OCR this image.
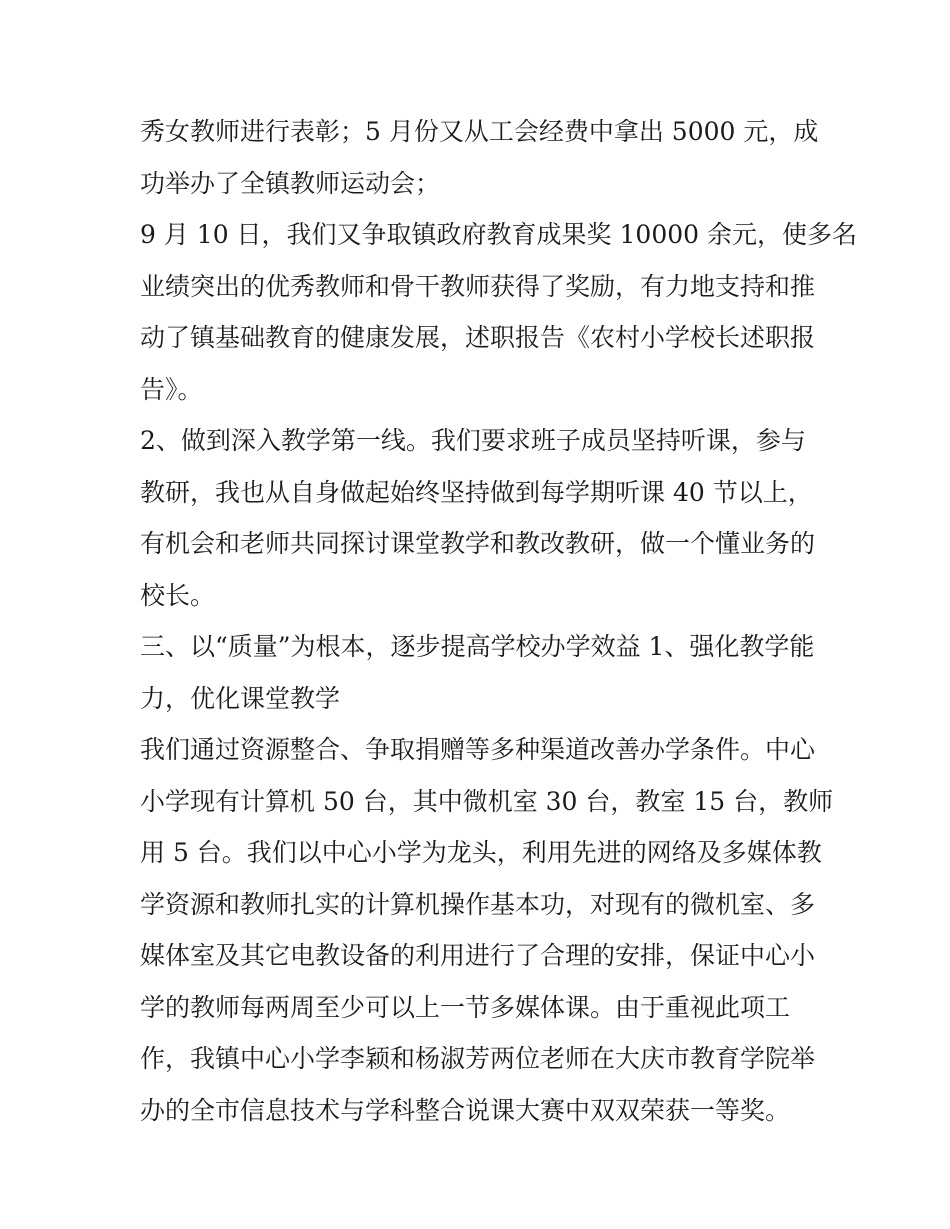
秀女教师进行表彰；5 月份又从工会经费中拿出 5000 元，成
功举办了全镇教师运动会；
9 月 10 日，我们又争取镇政府教育成果奖 10000 余元，使多名
业绩突出的优秀教师和骨干教师获得了奖励，有力地支持和推
动了镇基础教育的健康发展，述职报告《农村小学校长述职报
告》。
2、做到深入教学第一线。我们要求班子成员坚持听课，参与
教研，我也从自身做起始终坚持做到每学期听课 40 节以上，
有机会和老师共同探讨课堂教学和教改教研，做一个懂业务的
校长。
三、以“质量”为根本，逐步提高学校办学效益 1、强化教学能
力，优化课堂教学
我们通过资源整合、争取捐赠等多种渠道改善办学条件。中心
小学现有计算机 50 台，其中微机室 30 台，教室 15 台，教师
用 5 台。我们以中心小学为龙头，利用先进的网络及多媒体教
学资源和教师扎实的计算机操作基本功，对现有的微机室、多
媒体室及其它电教设备的利用进行了合理的安排，保证中心小
学的教师每两周至少可以上一节多媒体课。由于重视此项工
作，我镇中心小学李颖和杨淑芳两位老师在大庆市教育学院举
办的全市信息技术与学科整合说课大赛中双双荣获一等奖。
